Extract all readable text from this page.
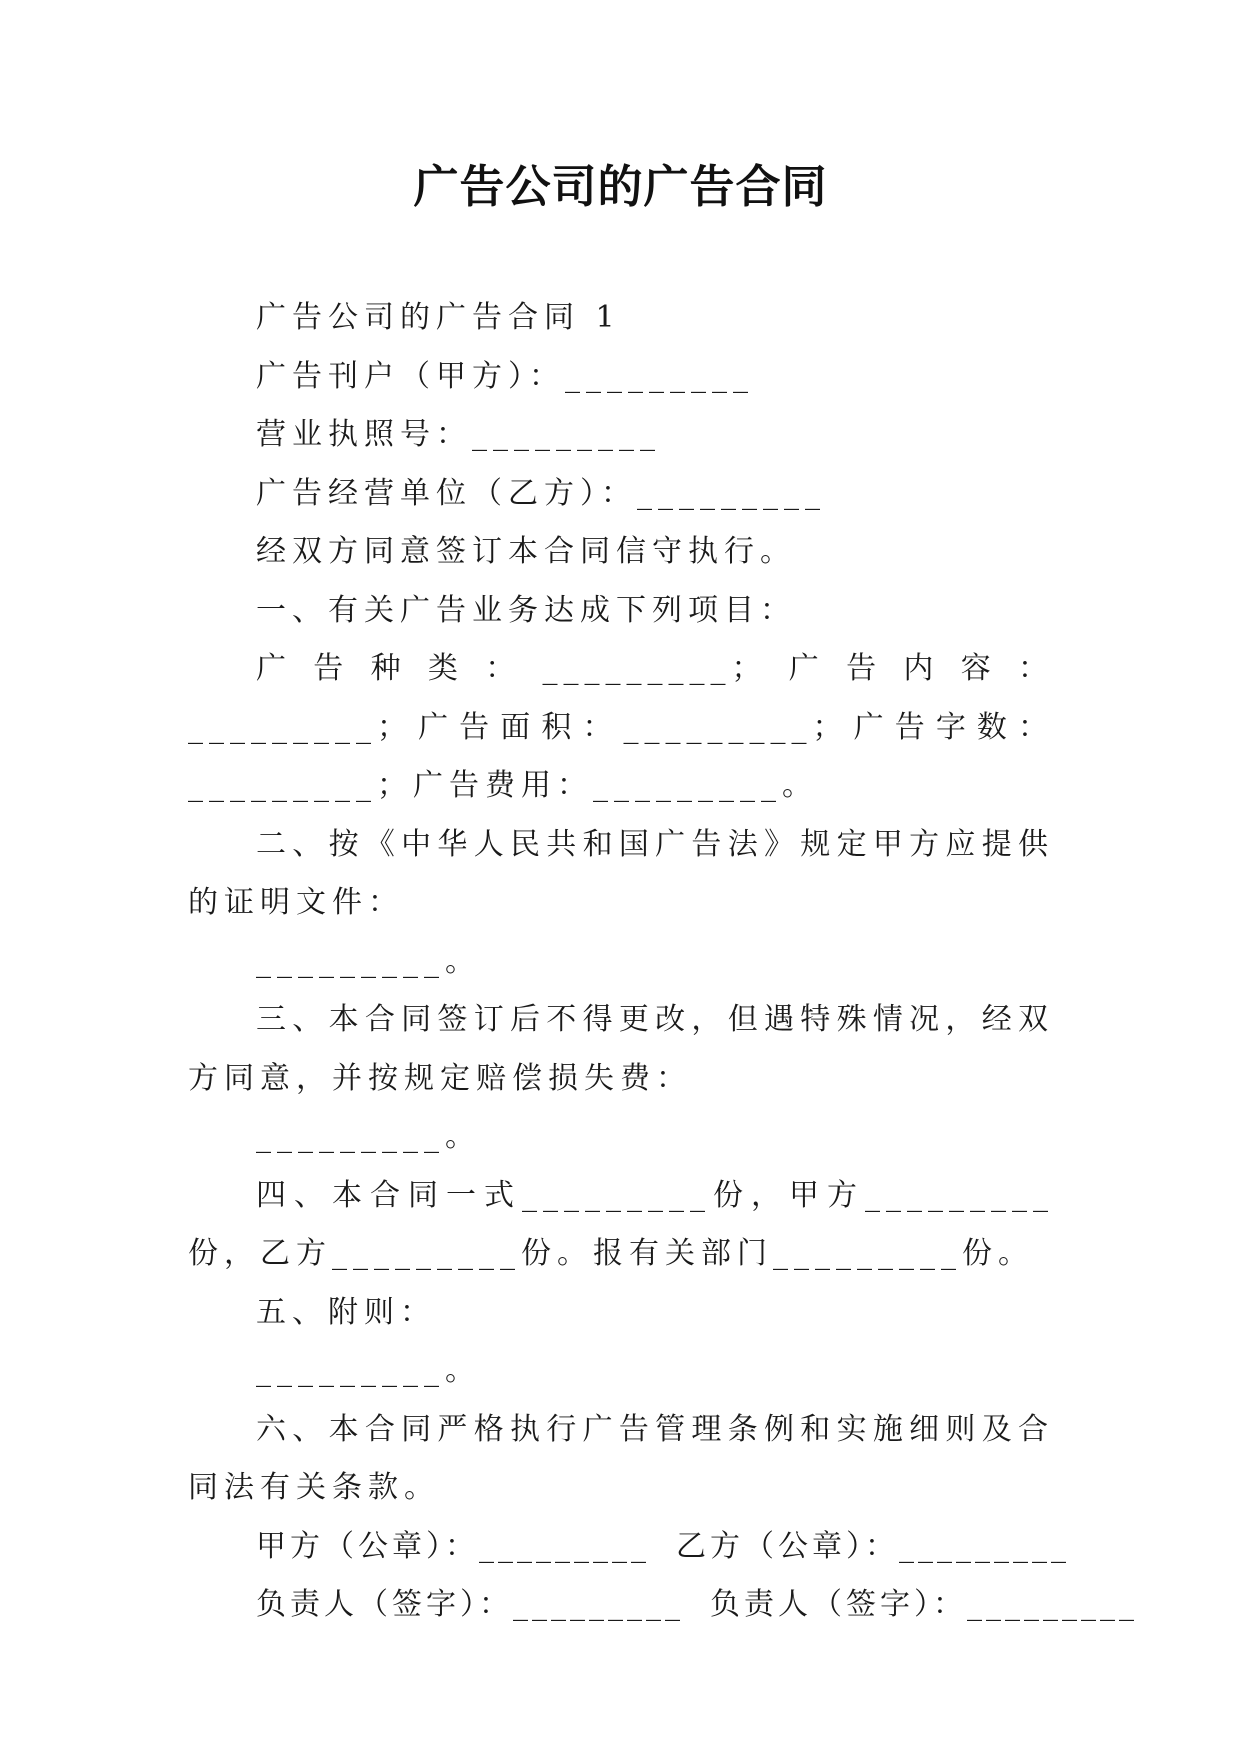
广告公司的广告合同

广告公司的广告合同 1

广告刊户（甲方）：_________

营业执照号：_________

广告经营单位（乙方）：_________

经双方同意签订本合同信守执行。

一、有关广告业务达成下列项目：

广告种类：_________；广告内容：_________；广告面积：_________；广告字数：_________；广告费用：_________。

二、按《中华人民共和国广告法》规定甲方应提供的证明文件：

_________。

三、本合同签订后不得更改，但遇特殊情况，经双方同意，并按规定赔偿损失费：

_________。

四、本合同一式_________份，甲方_________份，乙方_________份。报有关部门_________份。

五、附则：

_________。

六、本合同严格执行广告管理条例和实施细则及合同法有关条款。

甲方（公章）：_________ 乙方（公章）：_________

负责人（签字）：_________ 负责人（签字）：_________
